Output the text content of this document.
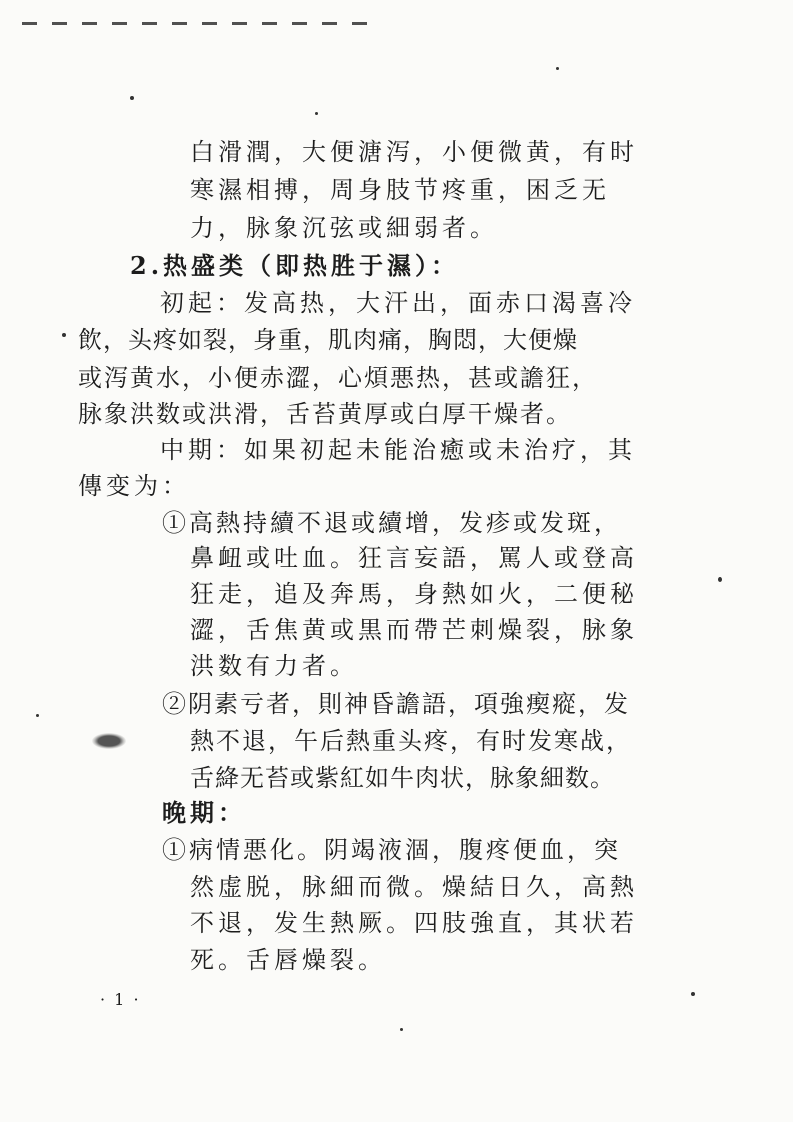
白滑潤，大便溏泻，小便微黄，有时
寒濕相搏，周身肢节疼重，困乏无
力，脉象沉弦或細弱者。
2.热盛类（即热胜于濕）：
初起：发高热，大汗出，面赤口渴喜冷
飲，头疼如裂，身重，肌肉痛，胸悶，大便燥
或泻黄水，小便赤澀，心煩悪热，甚或譫狂，
脉象洪数或洪滑，舌苔黄厚或白厚干燥者。
中期：如果初起未能治癒或未治疗，其
傳变为：
①高熱持續不退或續增，发疹或发斑，
鼻衄或吐血。狂言妄語，罵人或登高
狂走，追及奔馬，身熱如火，二便秘
澀，舌焦黄或黒而帶芒刺燥裂，脉象
洪数有力者。
②阴素亏者，則神昏譫語，項強瘈瘲，发
熱不退，午后熱重头疼，有时发寒战，
舌絳无苔或紫紅如牛肉状，脉象細数。
晚期：
①病情悪化。阴竭液涸，腹疼便血，突
然虚脱，脉細而微。燥結日久，高熱
不退，发生熱厥。四肢強直，其状若
死。舌唇燥裂。
· 1 ·
